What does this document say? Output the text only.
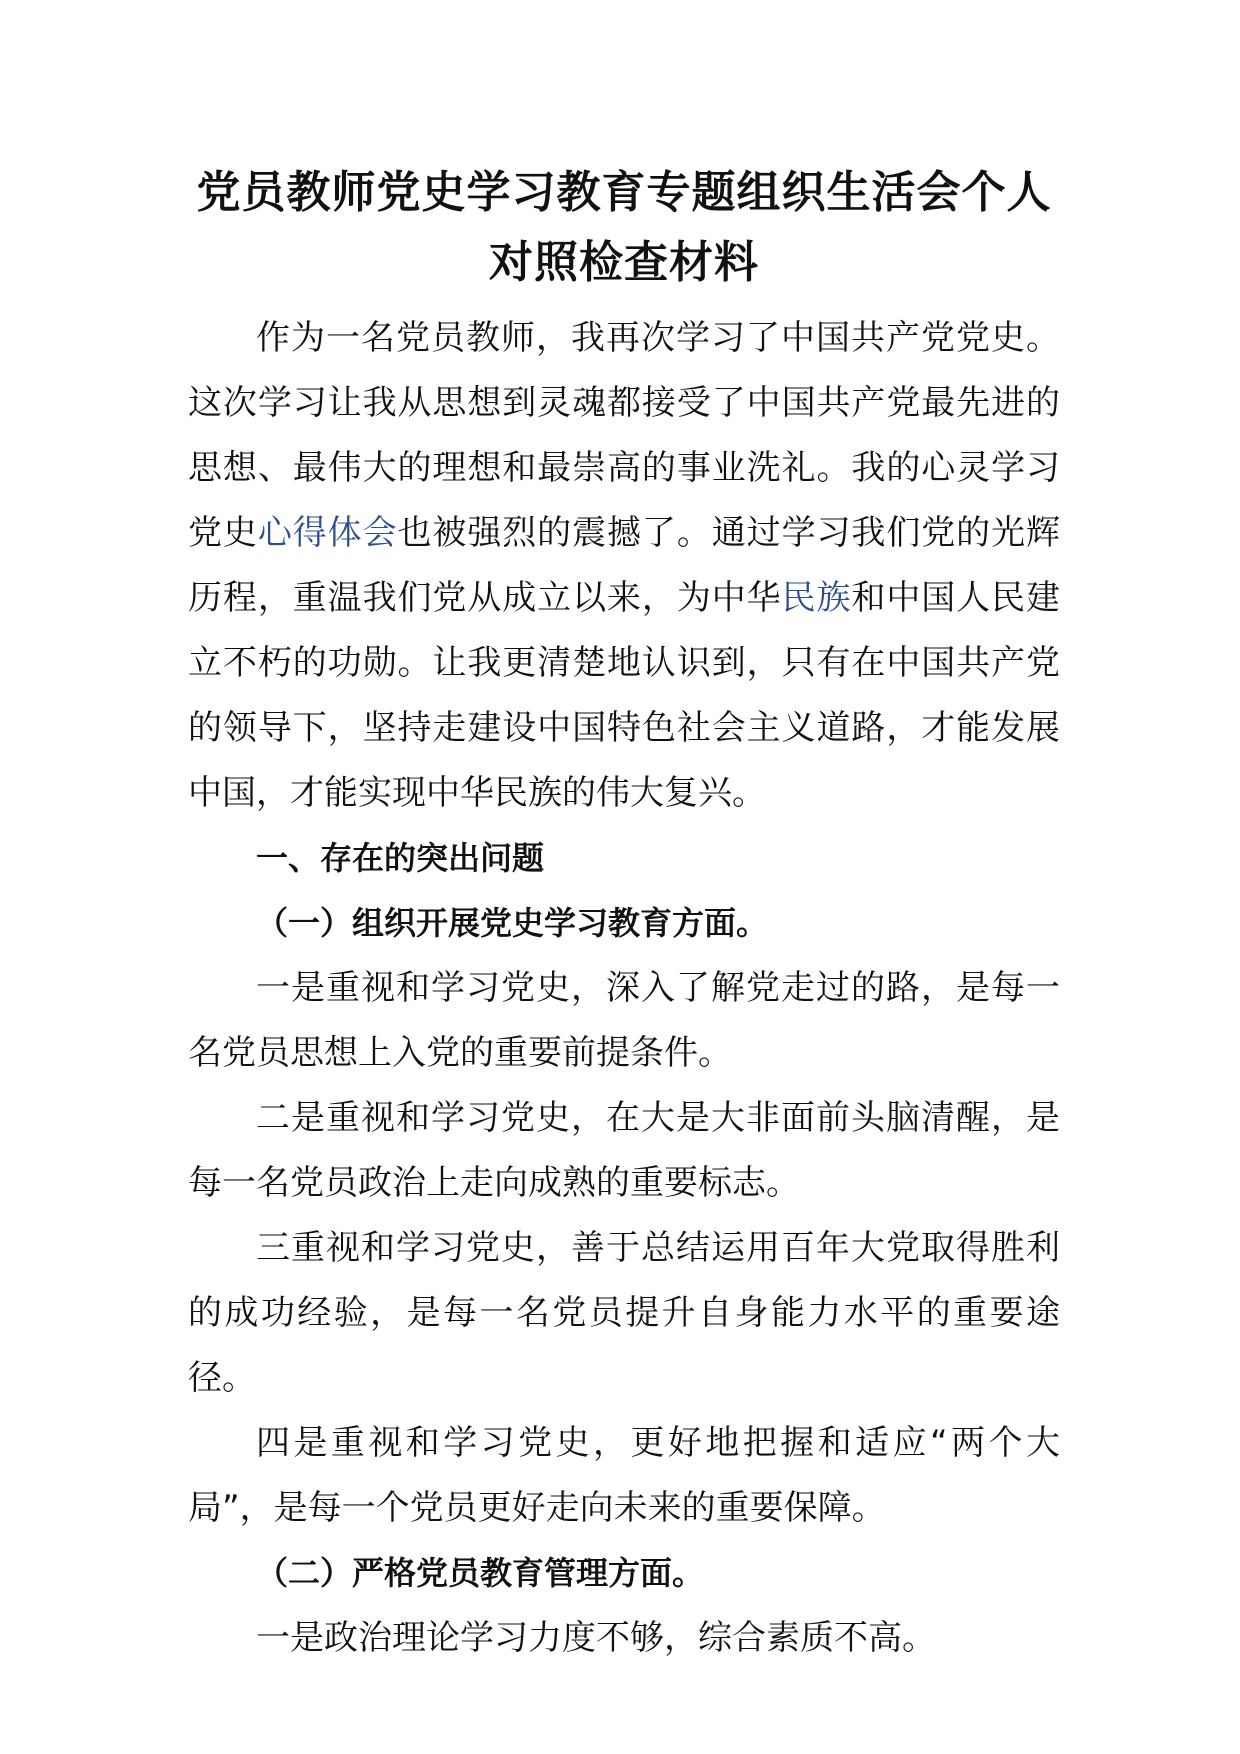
党员教师党史学习教育专题组织生活会个人对照检查材料

作为一名党员教师，我再次学习了中国共产党党史。这次学习让我从思想到灵魂都接受了中国共产党最先进的思想、最伟大的理想和最崇高的事业洗礼。我的心灵学习党史心得体会也被强烈的震撼了。通过学习我们党的光辉历程，重温我们党从成立以来，为中华民族和中国人民建立不朽的功勋。让我更清楚地认识到，只有在中国共产党的领导下，坚持走建设中国特色社会主义道路，才能发展中国，才能实现中华民族的伟大复兴。

一、存在的突出问题
（一）组织开展党史学习教育方面。

一是重视和学习党史，深入了解党走过的路，是每一名党员思想上入党的重要前提条件。

二是重视和学习党史，在大是大非面前头脑清醒，是每一名党员政治上走向成熟的重要标志。

三重视和学习党史，善于总结运用百年大党取得胜利的成功经验，是每一名党员提升自身能力水平的重要途径。

四是重视和学习党史，更好地把握和适应“两个大局”，是每一个党员更好走向未来的重要保障。

（二）严格党员教育管理方面。

一是政治理论学习力度不够，综合素质不高。
